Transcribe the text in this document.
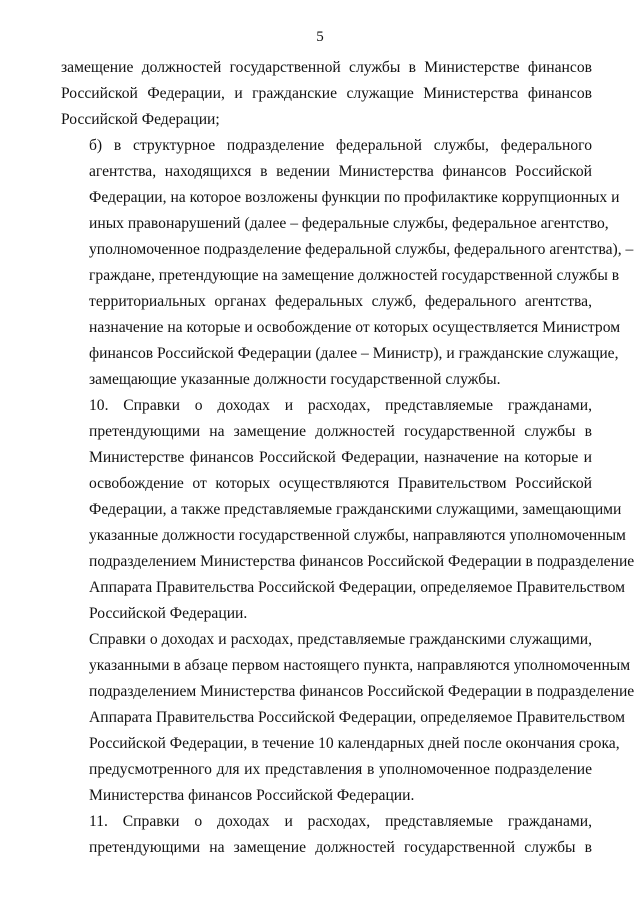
5
замещение должностей государственной службы в Министерстве финансов
Российской Федерации, и гражданские служащие Министерства финансов
Российской Федерации;
б) в структурное подразделение федеральной службы, федерального
агентства, находящихся в ведении Министерства финансов Российской
Федерации, на которое возложены функции по профилактике коррупционных и
иных правонарушений (далее – федеральные службы, федеральное агентство,
уполномоченное подразделение федеральной службы, федерального агентства), –
граждане, претендующие на замещение должностей государственной службы в
территориальных органах федеральных служб, федерального агентства,
назначение на которые и освобождение от которых осуществляется Министром
финансов Российской Федерации (далее – Министр), и гражданские служащие,
замещающие указанные должности государственной службы.
10. Справки о доходах и расходах, представляемые гражданами,
претендующими на замещение должностей государственной службы в
Министерстве финансов Российской Федерации, назначение на которые и
освобождение от которых осуществляются Правительством Российской
Федерации, а также представляемые гражданскими служащими, замещающими
указанные должности государственной службы, направляются уполномоченным
подразделением Министерства финансов Российской Федерации в подразделение
Аппарата Правительства Российской Федерации, определяемое Правительством
Российской Федерации.
Справки о доходах и расходах, представляемые гражданскими служащими,
указанными в абзаце первом настоящего пункта, направляются уполномоченным
подразделением Министерства финансов Российской Федерации в подразделение
Аппарата Правительства Российской Федерации, определяемое Правительством
Российской Федерации, в течение 10 календарных дней после окончания срока,
предусмотренного для их представления в уполномоченное подразделение
Министерства финансов Российской Федерации.
11. Справки о доходах и расходах, представляемые гражданами,
претендующими на замещение должностей государственной службы в
